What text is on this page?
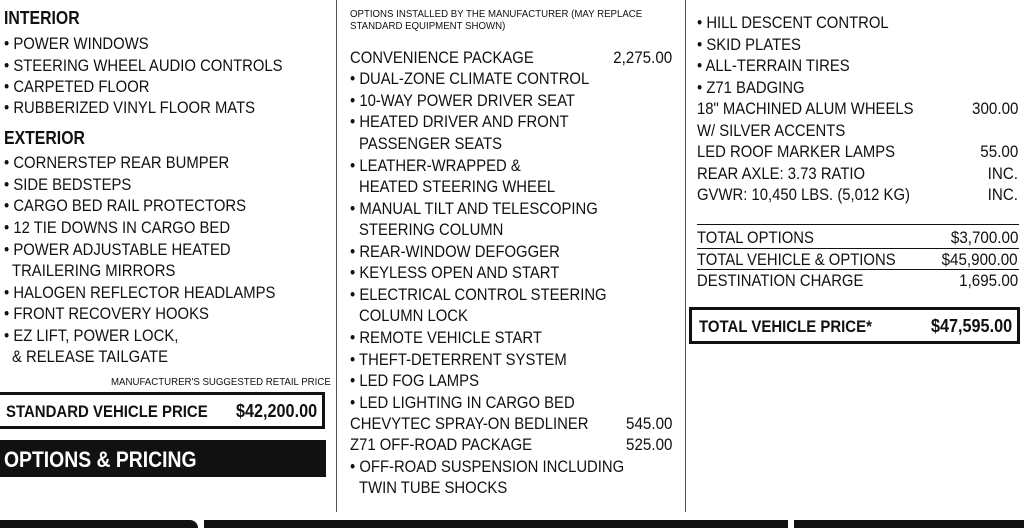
INTERIOR
• POWER WINDOWS
• STEERING WHEEL AUDIO CONTROLS
• CARPETED FLOOR
• RUBBERIZED VINYL FLOOR MATS
EXTERIOR
• CORNERSTEP REAR BUMPER
• SIDE BEDSTEPS
• CARGO BED RAIL PROTECTORS
• 12 TIE DOWNS IN CARGO BED
• POWER ADJUSTABLE HEATED
TRAILERING MIRRORS
• HALOGEN REFLECTOR HEADLAMPS
• FRONT RECOVERY HOOKS
• EZ LIFT, POWER LOCK,
& RELEASE TAILGATE
MANUFACTURER'S SUGGESTED RETAIL PRICE
STANDARD VEHICLE PRICE $42,200.00
OPTIONS & PRICING
OPTIONS INSTALLED BY THE MANUFACTURER (MAY REPLACE
STANDARD EQUIPMENT SHOWN)
CONVENIENCE PACKAGE	2,275.00
• DUAL-ZONE CLIMATE CONTROL
• 10-WAY POWER DRIVER SEAT
• HEATED DRIVER AND FRONT
PASSENGER SEATS
• LEATHER-WRAPPED &
HEATED STEERING WHEEL
• MANUAL TILT AND TELESCOPING
STEERING COLUMN
• REAR-WINDOW DEFOGGER
• KEYLESS OPEN AND START
• ELECTRICAL CONTROL STEERING
COLUMN LOCK
• REMOTE VEHICLE START
• THEFT-DETERRENT SYSTEM
• LED FOG LAMPS
• LED LIGHTING IN CARGO BED
CHEVYTEC SPRAY-ON BEDLINER 545.00
Z71 OFF-ROAD PACKAGE	525.00
• OFF-ROAD SUSPENSION INCLUDING
TWIN TUBE SHOCKS
• HILL DESCENT CONTROL
• SKID PLATES
• ALL-TERRAIN TIRES
• Z71 BADGING
18" MACHINED ALUM WHEELS	300.00
W/ SILVER ACCENTS
LED ROOF MARKER LAMPS	55.00
REAR AXLE: 3.73 RATIO	INC.
GVWR: 10,450 LBS. (5,012 KG)	INC.
TOTAL OPTIONS	$3,700.00
TOTAL VEHICLE & OPTIONS	$45,900.00
DESTINATION CHARGE	1,695.00
TOTAL VEHICLE PRICE*	$47,595.00
